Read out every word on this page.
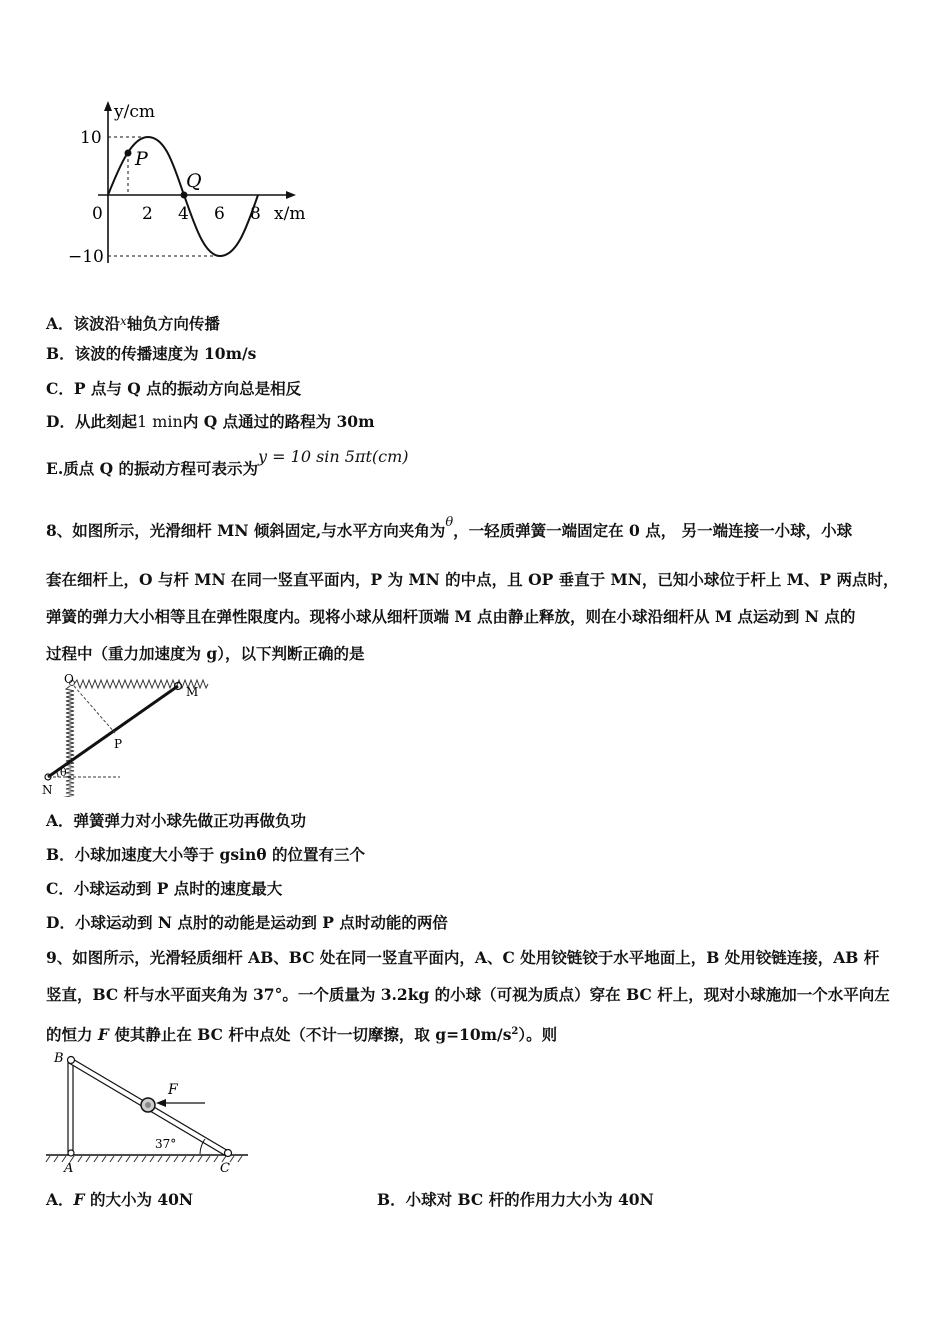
P
Q
y/cm
x/m
10
−10
0 2 4 6 8
A．该波沿$^x$轴负方向传播
B．该波的传播速度为 10m/s
C．P 点与 Q 点的振动方向总是相反
D．从此刻起1 min内 Q 点通过的路程为 30m
E.质点 Q 的振动方程可表示为y = 10 sin 5πt(cm)
8、如图所示，光滑细杆 MN 倾斜固定,与水平方向夹角为$^\theta$，一轻质弹簧一端固定在 0 点， 另一端连接一小球，小球
套在细杆上，O 与杆 MN 在同一竖直平面内，P 为 MN 的中点，且 OP 垂直于 MN，已知小球位于杆上 M、P 两点时，
弹簧的弹力大小相等且在弹性限度内。现将小球从细杆顶端 M 点由静止释放，则在小球沿细杆从 M 点运动到 N 点的
过程中（重力加速度为 g），以下判断正确的是
O
M
P
N
θ
A．弹簧弹力对小球先做正功再做负功
B．小球加速度大小等于 gsinθ 的位置有三个
C．小球运动到 P 点时的速度最大
D．小球运动到 N 点肘的动能是运动到 P 点时动能的两倍
9、如图所示，光滑轻质细杆 AB、BC 处在同一竖直平面内，A、C 处用铰链铰于水平地面上，B 处用铰链连接，AB 杆
竖直，BC 杆与水平面夹角为 37°。一个质量为 3.2kg 的小球（可视为质点）穿在 BC 杆上，现对小球施加一个水平向左
的恒力 F 使其静止在 BC 杆中点处（不计一切摩擦，取 $g=10m/s^2$）。则
B
A	C
F
37°
A．F 的大小为 40N	B．小球对 BC 杆的作用力大小为 40N
